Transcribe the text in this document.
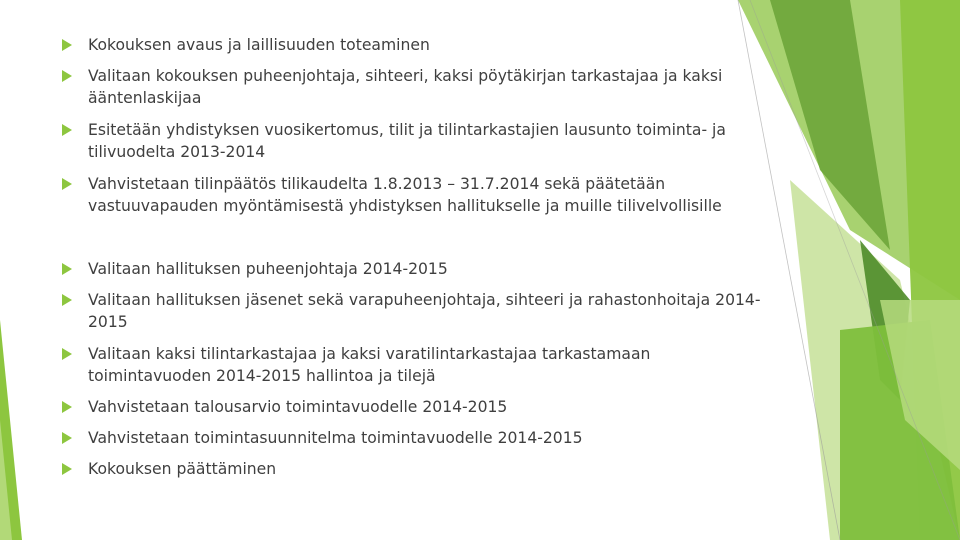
Kokouksen avaus ja laillisuuden toteaminen
Valitaan kokouksen puheenjohtaja, sihteeri, kaksi pöytäkirjan tarkastajaa ja kaksi ääntenlaskijaa
Esitetään yhdistyksen vuosikertomus, tilit ja tilintarkastajien lausunto toiminta- ja tilivuodelta 2013-2014
Vahvistetaan tilinpäätös tilikaudelta 1.8.2013 – 31.7.2014 sekä päätetään vastuuvapauden myöntämisestä yhdistyksen hallitukselle ja muille tilivelvollisille
Valitaan hallituksen puheenjohtaja 2014-2015
Valitaan hallituksen jäsenet sekä varapuheenjohtaja, sihteeri ja rahastonhoitaja 2014-2015
Valitaan kaksi tilintarkastajaa ja kaksi varatilintarkastajaa tarkastamaan toimintavuoden 2014-2015 hallintoa ja tilejä
Vahvistetaan talousarvio toimintavuodelle 2014-2015
Vahvistetaan toimintasuunnitelma toimintavuodelle 2014-2015
Kokouksen päättäminen
